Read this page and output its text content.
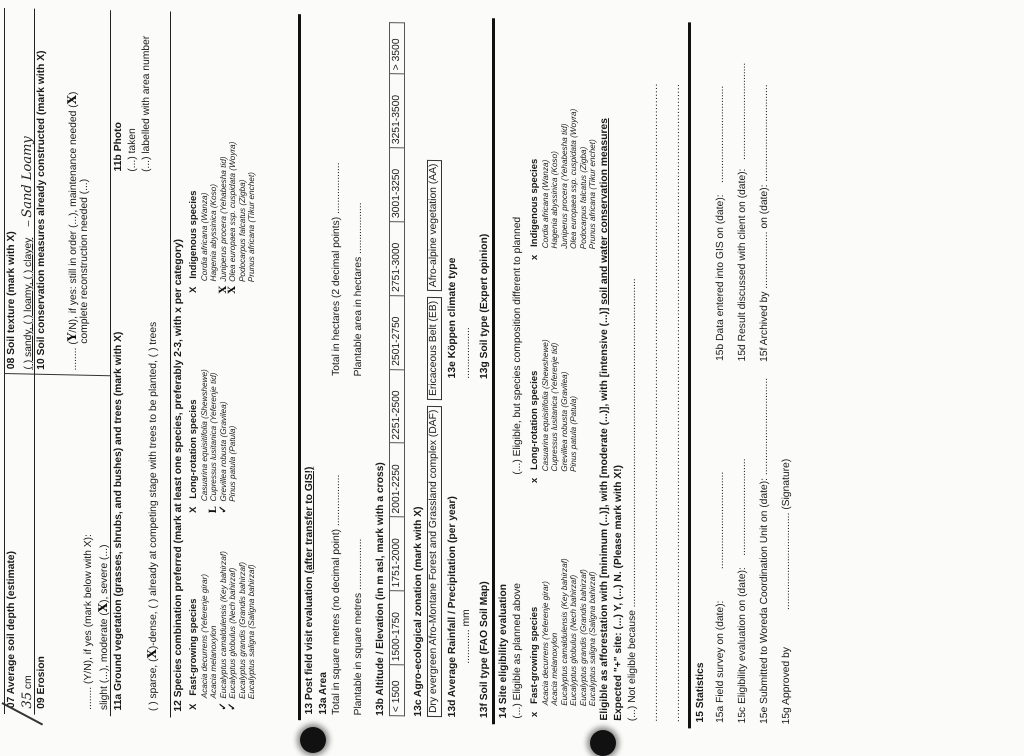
07 Average soil depth (estimate) 35 cm
08 Soil texture (mark with X) ( ) sandy, ( ) loamy, ( ) clayey    – Sand Loamy
09 Erosion	........ (Y/N), if yes (mark below with X): slight (...), moderate (X), severe (...)
10 Soil conservation measures already constructed (mark with X) ........ (Y/N), if yes: still in order (...), maintenance needed (X)
complete reconstruction needed (...)
11a Ground vegetation (grasses, shrubs, and bushes) and trees (mark with X) ( ) sparse, (X)-dense, ( ) already at competing stage with trees to be planted, ( ) trees
11b Photo (...) taken (...) labelled with area number
12 Species combination preferred (mark at least one species, preferably 2-3, with x per category) X   Fast-growing species Acacia decurrens (Yeferenje girar) Acacia melanoxylon
✓Eucalyptus camaldulensis (Key bahirzaf)
✓Eucalyptus globulus (Nech bahirzaf) Eucalyptus grandis (Grandis bahirzaf) Eucalyptus saligna (Saligna bahirzaf)
X   Long-rotation species Casuarina equisitifolia (Shewshewe)
LCupressus lusitanica (Yeferenje tid)
✓Grevillea robusta (Gravilea) Pinus patula (Patula)
X   Indigenous species Cordia africana (Wanza) Hagenia abyssinica (Koso)
XJuniperus procera (Yehabesha tid)
XOlea europaea ssp. cuspidata (Woyra) Podocarpus falcatus (Zigba) Prunus africana (Tikur enchet)
13 Post field visit evaluation (after transfer to GIS!)
13a Area Total in square metres (no decimal point) ..................
Total in hectares (2 decimal points) ..................
Plantable in square metres ..................
Plantable area in hectares ..................
13b Altitude / Elevation (in m asl, mark with a cross) < 1500	1500-1750	1751-2000	2001-2250	2251-2500	2501-2750	2751-3000	3001-3250	3251-3500	> 3500
13c Agro-ecological zonation (mark with X) Dry evergreen Afro-Montane Forest and Grassland complex (DAF)  Ericaceous Belt (EB)  Afro-alpine vegetation (AA)
13d Average Rainfall / Precipitation (per year) ............ mm
13e Köppen climate type ..................
13f Soil type (FAO Soil Map)
13g Soil type (Expert opinion)
14 Site eligibility evaluation (...) Eligible as planned above
(...) Eligible, but species composition different to planned
x   Fast-growing species Acacia decurrens (Yeferenje girar) Acacia melanoxylon Eucalyptus camaldulensis (Key bahirzaf) Eucalyptus globulus (Nech bahirzaf) Eucalyptus grandis (Grandis bahirzaf) Eucalyptus saligna (Saligna bahirzaf)
x   Long-rotation species Casuarina equisitifolia (Shewshewe) Cupressus lusitanica (Yeferenje tid) Grevillea robusta (Gravilea) Pinus patula (Patula)
x   Indigenous species Cordia africana (Wanza) Hagenia abyssinica (Koso) Juniperus procera (Yehabesha tid) Olea europaea ssp. cuspidata (Woyra) Podocarpus falcatus (Zigba) Prunus africana (Tikur enchet)
Eligible as afforestation with [minimum (...)], with [moderate (...)], with [intensive (...)] soil and water conservation measures
Expected "+" site: (...) Y, (...) N. (Please mark with X!) (...) Not eligible because ................................................................................................................... .............................................................................................................................................................................................. .............................................................................................................................................................................................. 15 Statistics 15a Field survey on (date):           ..................................
15b Data entered into GIS on (date):    ..................................
15c Eligibility evaluation on (date):    ..................................
15d Result discussed with client on (date):   ..................................
15e Submitted to Woreda Coordination Unit on (date): ..................................
15f Archived by .................... on (date): ..................................
15g Approved by             .................................. (Signature)
